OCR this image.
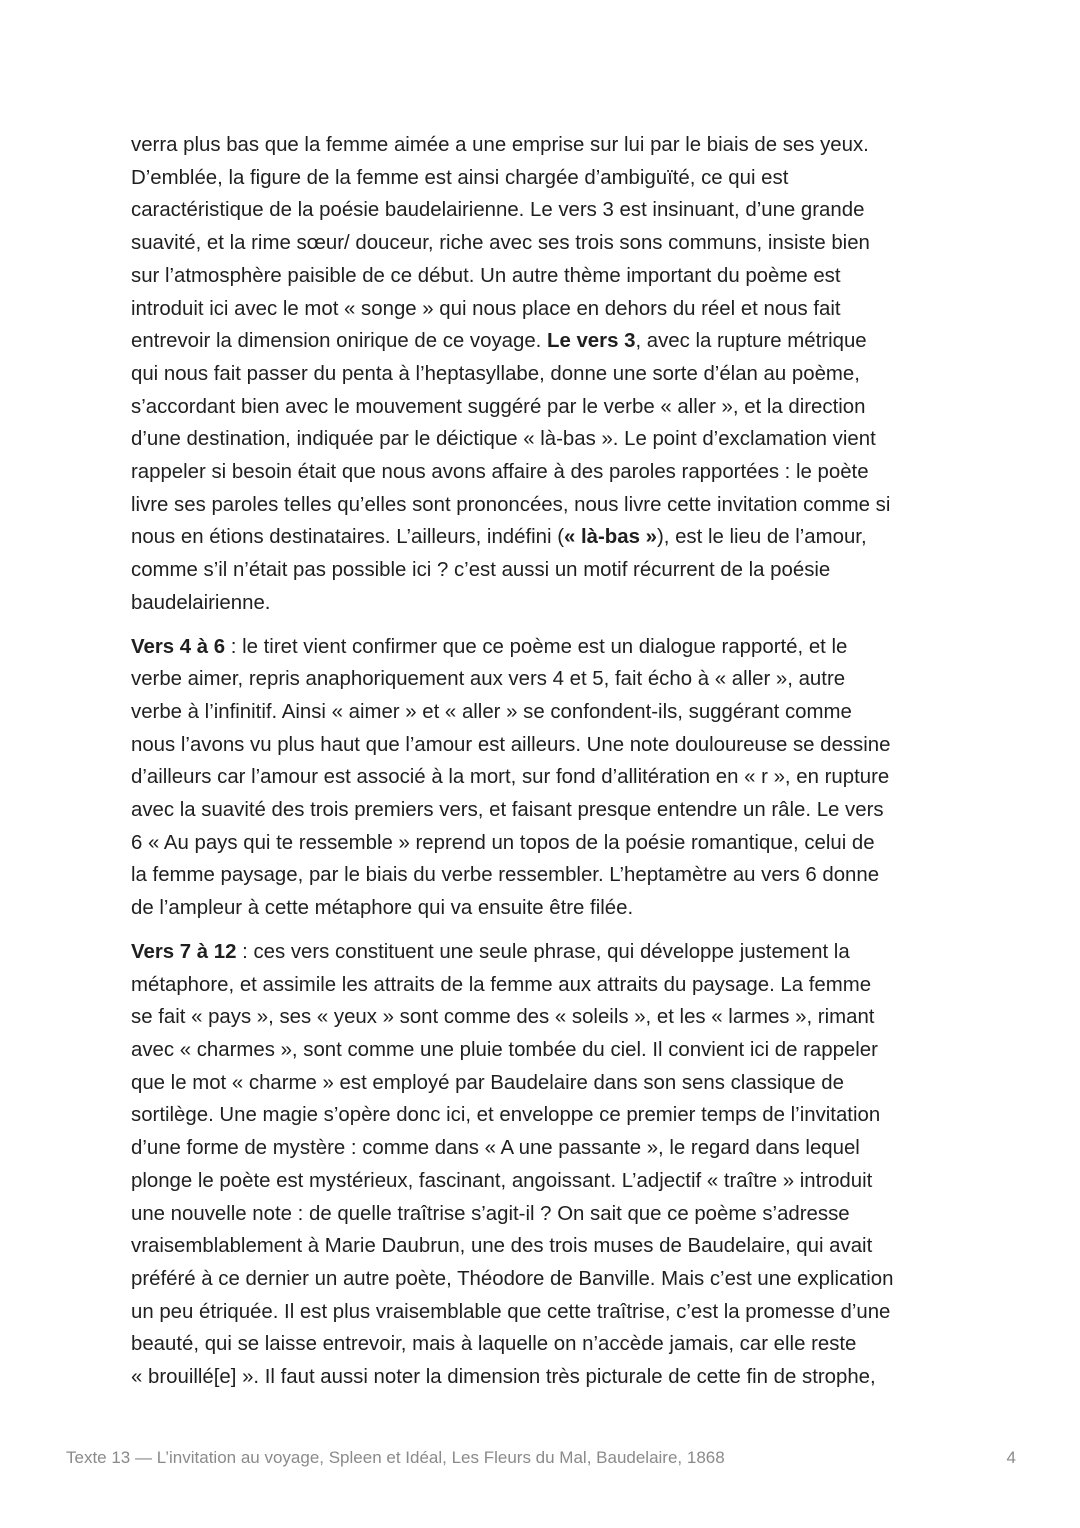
verra plus bas que la femme aimée a une emprise sur lui par le biais de ses yeux.
D’emblée, la figure de la femme est ainsi chargée d’ambiguïté, ce qui est
caractéristique de la poésie baudelairienne. Le vers 3 est insinuant, d’une grande
suavité, et la rime sœur/ douceur, riche avec ses trois sons communs, insiste bien
sur l’atmosphère paisible de ce début. Un autre thème important du poème est
introduit ici avec le mot « songe » qui nous place en dehors du réel et nous fait
entrevoir la dimension onirique de ce voyage. Le vers 3, avec la rupture métrique
qui nous fait passer du penta à l’heptasyllabe, donne une sorte d’élan au poème,
s’accordant bien avec le mouvement suggéré par le verbe « aller », et la direction
d’une destination, indiquée par le déictique « là-bas ». Le point d’exclamation vient
rappeler si besoin était que nous avons affaire à des paroles rapportées : le poète
livre ses paroles telles qu’elles sont prononcées, nous livre cette invitation comme si
nous en étions destinataires. L’ailleurs, indéfini (« là-bas »), est le lieu de l’amour,
comme s’il n’était pas possible ici ? c’est aussi un motif récurrent de la poésie
baudelairienne.

Vers 4 à 6 : le tiret vient confirmer que ce poème est un dialogue rapporté, et le
verbe aimer, repris anaphoriquement aux vers 4 et 5, fait écho à « aller », autre
verbe à l’infinitif. Ainsi « aimer » et « aller » se confondent-ils, suggérant comme
nous l’avons vu plus haut que l’amour est ailleurs. Une note douloureuse se dessine
d’ailleurs car l’amour est associé à la mort, sur fond d’allitération en « r », en rupture
avec la suavité des trois premiers vers, et faisant presque entendre un râle. Le vers
6 « Au pays qui te ressemble » reprend un topos de la poésie romantique, celui de
la femme paysage, par le biais du verbe ressembler. L’heptamètre au vers 6 donne
de l’ampleur à cette métaphore qui va ensuite être filée.

Vers 7 à 12 : ces vers constituent une seule phrase, qui développe justement la
métaphore, et assimile les attraits de la femme aux attraits du paysage. La femme
se fait « pays », ses « yeux » sont comme des « soleils », et les « larmes », rimant
avec « charmes », sont comme une pluie tombée du ciel. Il convient ici de rappeler
que le mot « charme » est employé par Baudelaire dans son sens classique de
sortilège. Une magie s’opère donc ici, et enveloppe ce premier temps de l’invitation
d’une forme de mystère : comme dans « A une passante », le regard dans lequel
plonge le poète est mystérieux, fascinant, angoissant. L’adjectif « traître » introduit
une nouvelle note : de quelle traîtrise s’agit-il ? On sait que ce poème s’adresse
vraisemblablement à Marie Daubrun, une des trois muses de Baudelaire, qui avait
préféré à ce dernier un autre poète, Théodore de Banville. Mais c’est une explication
un peu étriquée. Il est plus vraisemblable que cette traîtrise, c’est la promesse d’une
beauté, qui se laisse entrevoir, mais à laquelle on n’accède jamais, car elle reste
« brouillé[e] ». Il faut aussi noter la dimension très picturale de cette fin de strophe,

Texte 13 — L’invitation au voyage, Spleen et Idéal, Les Fleurs du Mal, Baudelaire, 1868	4
